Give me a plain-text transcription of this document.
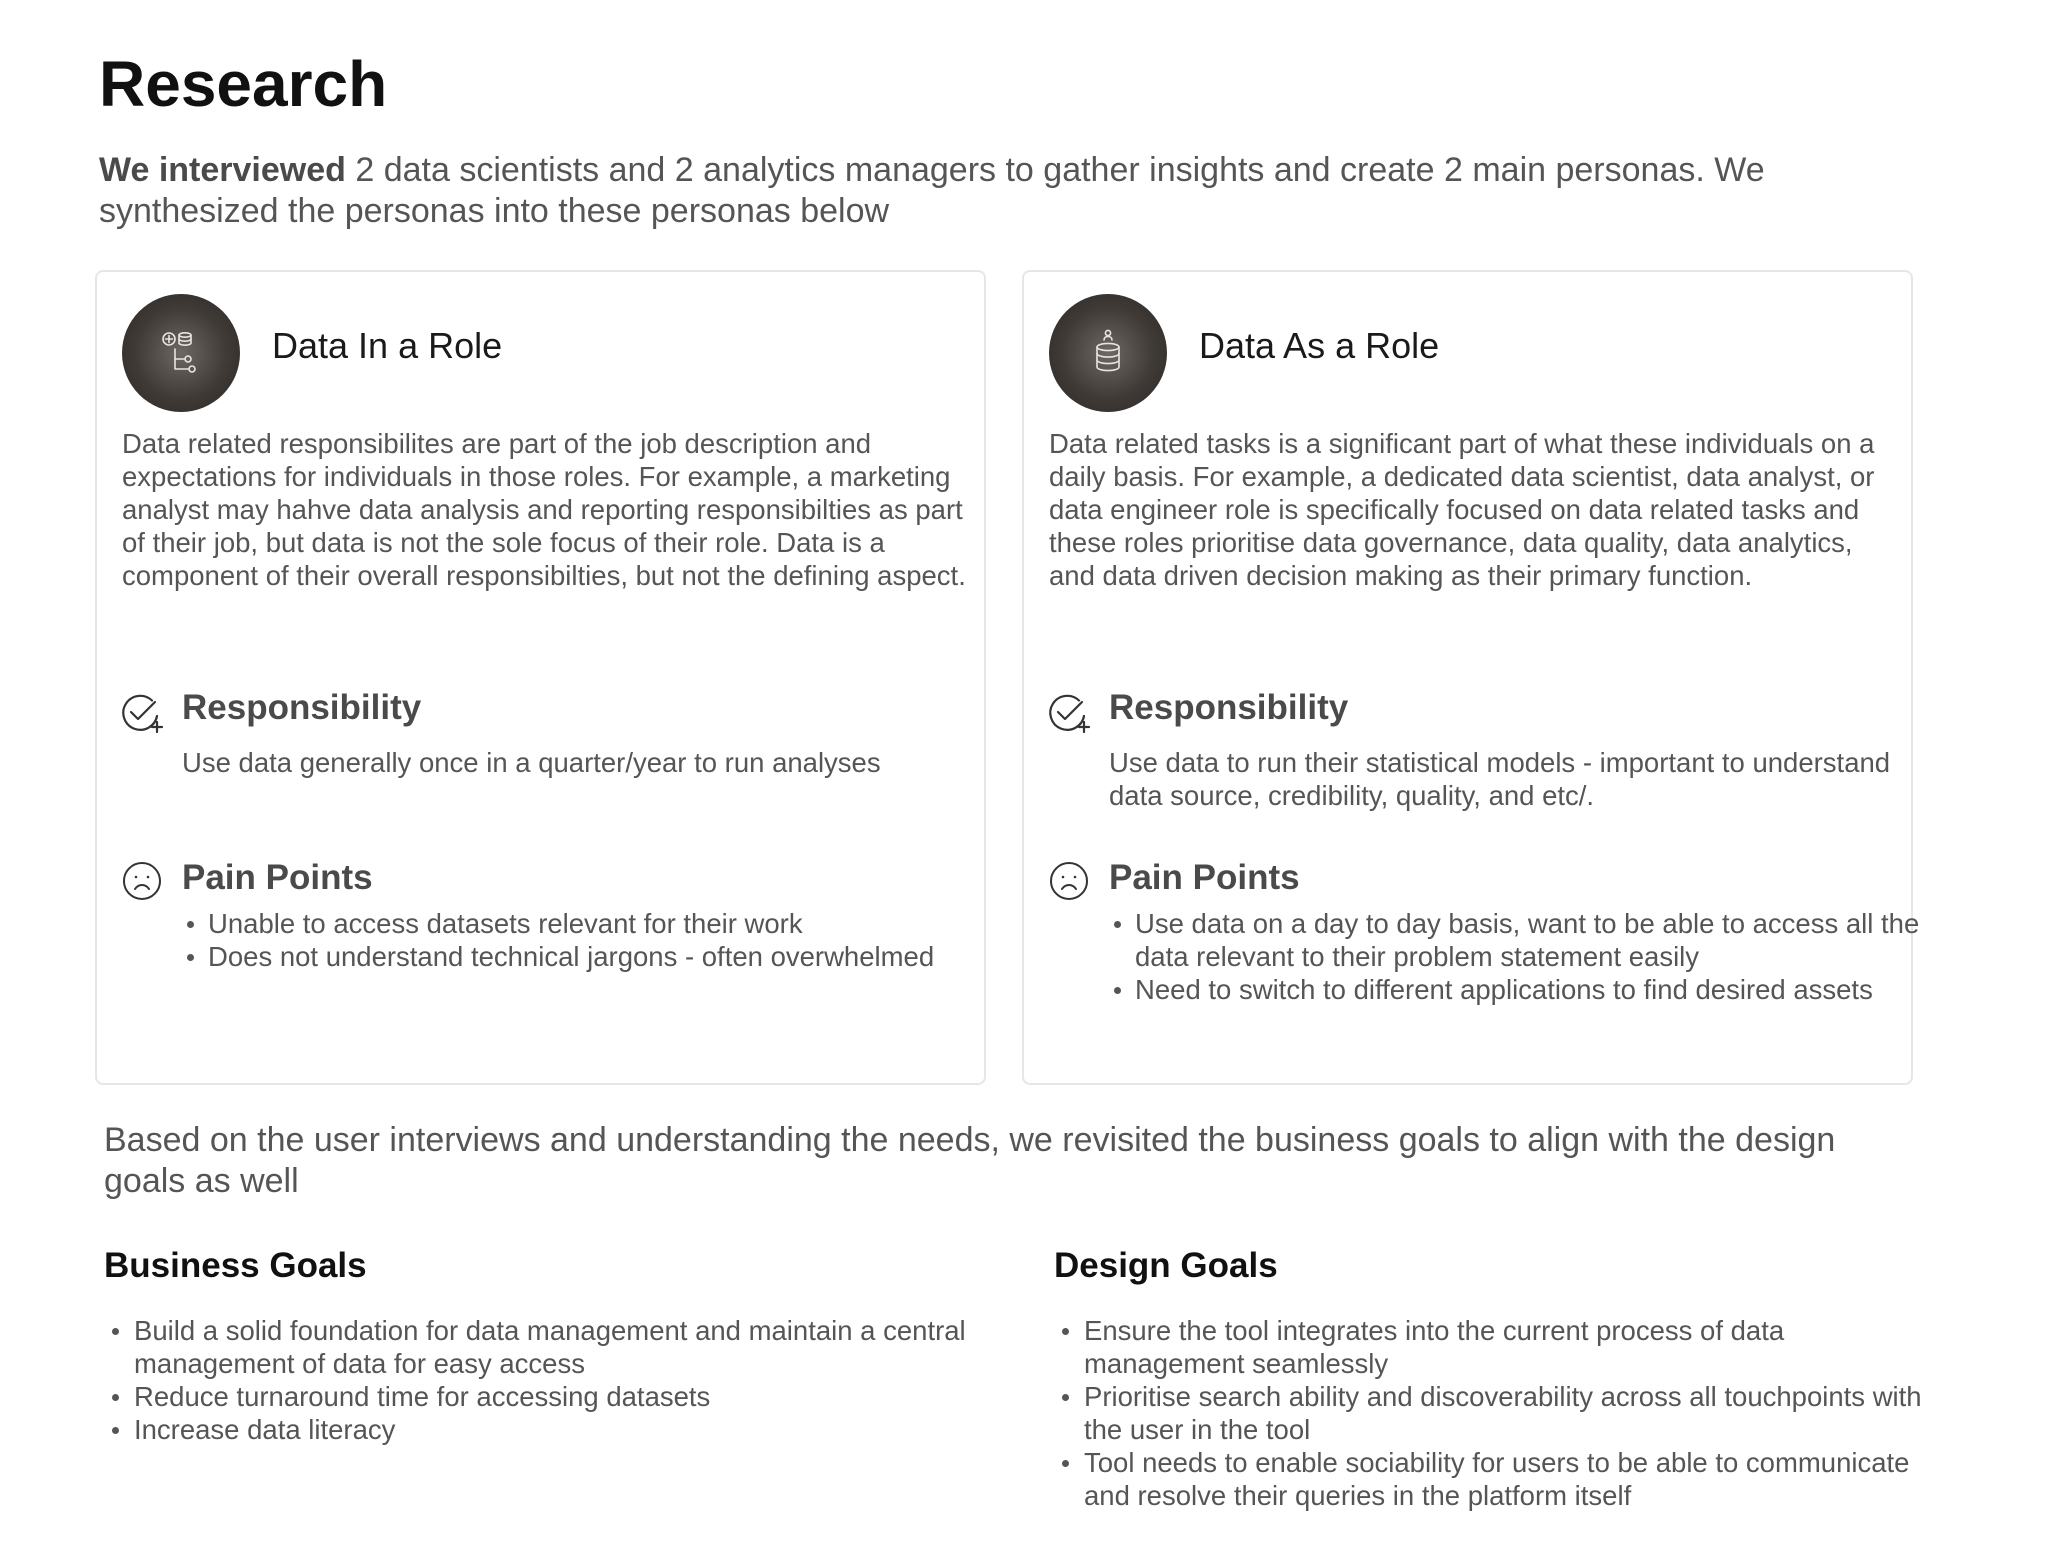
Research

We interviewed 2 data scientists and 2 analytics managers to gather insights and create 2 main personas. We synthesized the personas into these personas below

Data In a Role

Data related responsibilites are part of the job description and expectations for individuals in those roles. For example, a marketing analyst may hahve data analysis and reporting responsibilties as part of their job, but data is not the sole focus of their role. Data is a component of their overall responsibilties, but not the defining aspect.

Responsibility

Use data generally once in a quarter/year to run analyses

Pain Points
Unable to access datasets relevant for their work
Does not understand technical jargons - often overwhelmed
Data As a Role

Data related tasks is a significant part of what these individuals on a daily basis. For example, a dedicated data scientist, data analyst, or data engineer role is specifically focused on data related tasks and these roles prioritise data governance, data quality, data analytics, and data driven decision making as their primary function.

Responsibility

Use data to run their statistical models - important to understand data source, credibility, quality, and etc/.

Pain Points
Use data on a day to day basis, want to be able to access all the data relevant to their problem statement easily
Need to switch to different applications to find desired assets

Based on the user interviews and understanding the needs, we revisited the business goals to align with the design goals as well

Business Goals
Build a solid foundation for data management and maintain a central management of data for easy access
Reduce turnaround time for accessing datasets
Increase data literacy
Design Goals
Ensure the tool integrates into the current process of data management seamlessly
Prioritise search ability and discoverability across all touchpoints with the user in the tool
Tool needs to enable sociability for users to be able to communicate and resolve their queries in the platform itself
